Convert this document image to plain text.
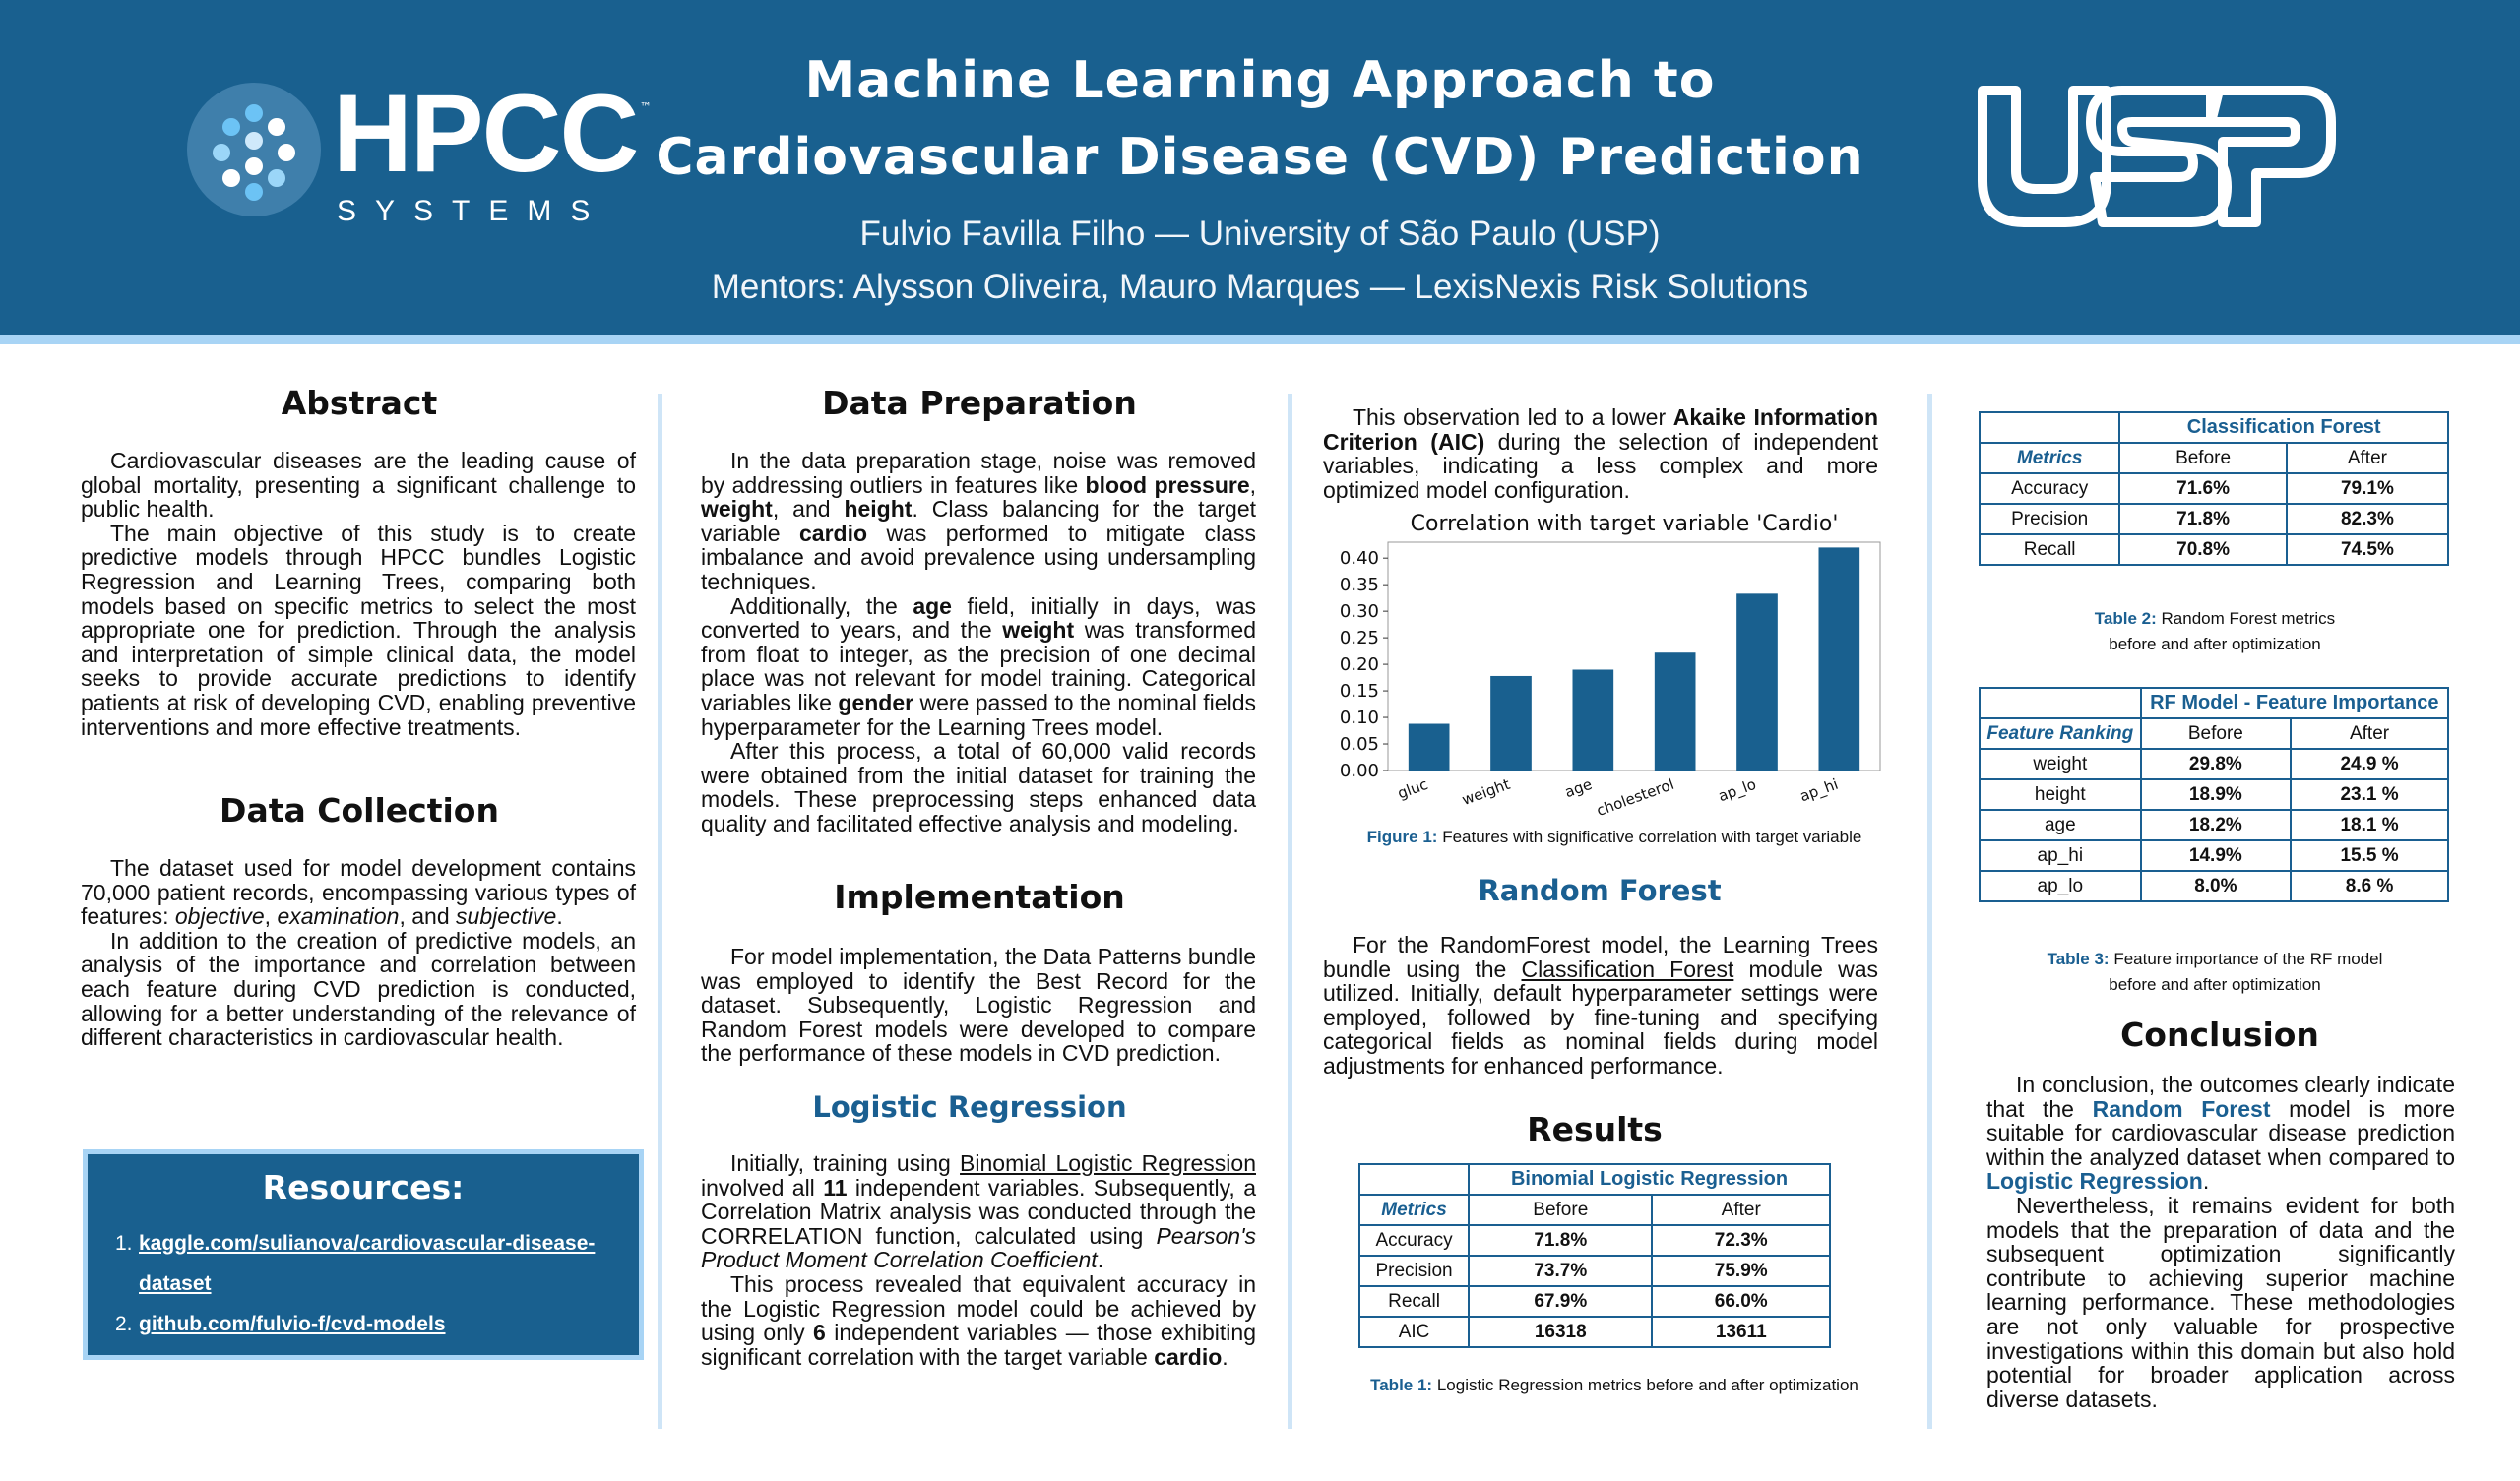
HPCC ™
SYSTEMS
Machine Learning Approach to
Cardiovascular Disease (CVD) Prediction
Fulvio Favilla Filho — University of São Paulo (USP)
Mentors: Alysson Oliveira, Mauro Marques — LexisNexis Risk Solutions
Abstract

Cardiovascular diseases are the leading cause of global mortality, presenting a significant challenge to public health.

The main objective of this study is to create predictive models through HPCC bundles Logistic Regression and Learning Trees, comparing both models based on specific metrics to select the most appropriate one for prediction. Through the analysis and interpretation of simple clinical data, the model seeks to provide accurate predictions to identify patients at risk of developing CVD, enabling preventive interventions and more effective treatments.

Data Collection

The dataset used for model development contains 70,000 patient records, encompassing various types of features: objective, examination, and subjective.

In addition to the creation of predictive models, an analysis of the importance and correlation between each feature during CVD prediction is conducted, allowing for a better understanding of the relevance of different characteristics in cardiovascular health.

Resources:
1. kaggle.com/sulianova/cardiovascular-disease-dataset
2. github.com/fulvio-f/cvd-models
Data Preparation

In the data preparation stage, noise was removed by addressing outliers in features like blood pressure, weight, and height. Class balancing for the target variable cardio was performed to mitigate class imbalance and avoid prevalence using undersampling techniques.

Additionally, the age field, initially in days, was converted to years, and the weight was transformed from float to integer, as the precision of one decimal place was not relevant for model training. Categorical variables like gender were passed to the nominal fields hyperparameter for the Learning Trees model.

After this process, a total of 60,000 valid records were obtained from the initial dataset for training the models. These preprocessing steps enhanced data quality and facilitated effective analysis and modeling.

Implementation

For model implementation, the Data Patterns bundle was employed to identify the Best Record for the dataset. Subsequently, Logistic Regression and Random Forest models were developed to compare the performance of these models in CVD prediction.

Logistic Regression

Initially, training using Binomial Logistic Regression involved all 11 independent variables. Subsequently, a Correlation Matrix analysis was conducted through the CORRELATION function, calculated using Pearson's Product Moment Correlation Coefficient.

This process revealed that equivalent accuracy in the Logistic Regression model could be achieved by using only 6 independent variables — those exhibiting significant correlation with the target variable cardio.

This observation led to a lower Akaike Information Criterion (AIC) during the selection of independent variables, indicating a less complex and more optimized model configuration.

Correlation with target variable 'Cardio'
0.00
0.05
0.10
0.15
0.20
0.25
0.30
0.35
0.40
gluc weight	age cholesterol	ap_lo	ap_hi
Figure 1: Features with significative correlation with target variable
Random Forest

For the RandomForest model, the Learning Trees bundle using the Classification Forest module was utilized. Initially, default hyperparameter settings were employed, followed by fine-tuning and specifying categorical fields as nominal fields during model adjustments for enhanced performance.

Results
	Binomial Logistic Regression	
Metrics	Before	After
Accuracy	71.8%	72.3%
Precision	73.7%	75.9%
Recall	67.9%	66.0%
AIC	16318	13611
Table 1: Logistic Regression metrics before and after optimization
	Classification Forest	
Metrics	Before	After
Accuracy	71.6%	79.1%
Precision	71.8%	82.3%
Recall	70.8%	74.5%
Table 2: Random Forest metrics
before and after optimization
	RF Model - Feature Importance	
Feature Ranking	Before	After
weight	29.8%	24.9 %
height	18.9%	23.1 %
age	18.2%	18.1 %
ap_hi	14.9%	15.5 %
ap_lo	8.0%	8.6 %
Table 3: Feature importance of the RF model
before and after optimization
Conclusion

In conclusion, the outcomes clearly indicate that the Random Forest model is more suitable for cardiovascular disease prediction within the analyzed dataset when compared to Logistic Regression.

Nevertheless, it remains evident for both models that the preparation of data and the subsequent optimization significantly contribute to achieving superior machine learning performance. These methodologies are not only valuable for prospective investigations within this domain but also hold potential for broader application across diverse datasets.
